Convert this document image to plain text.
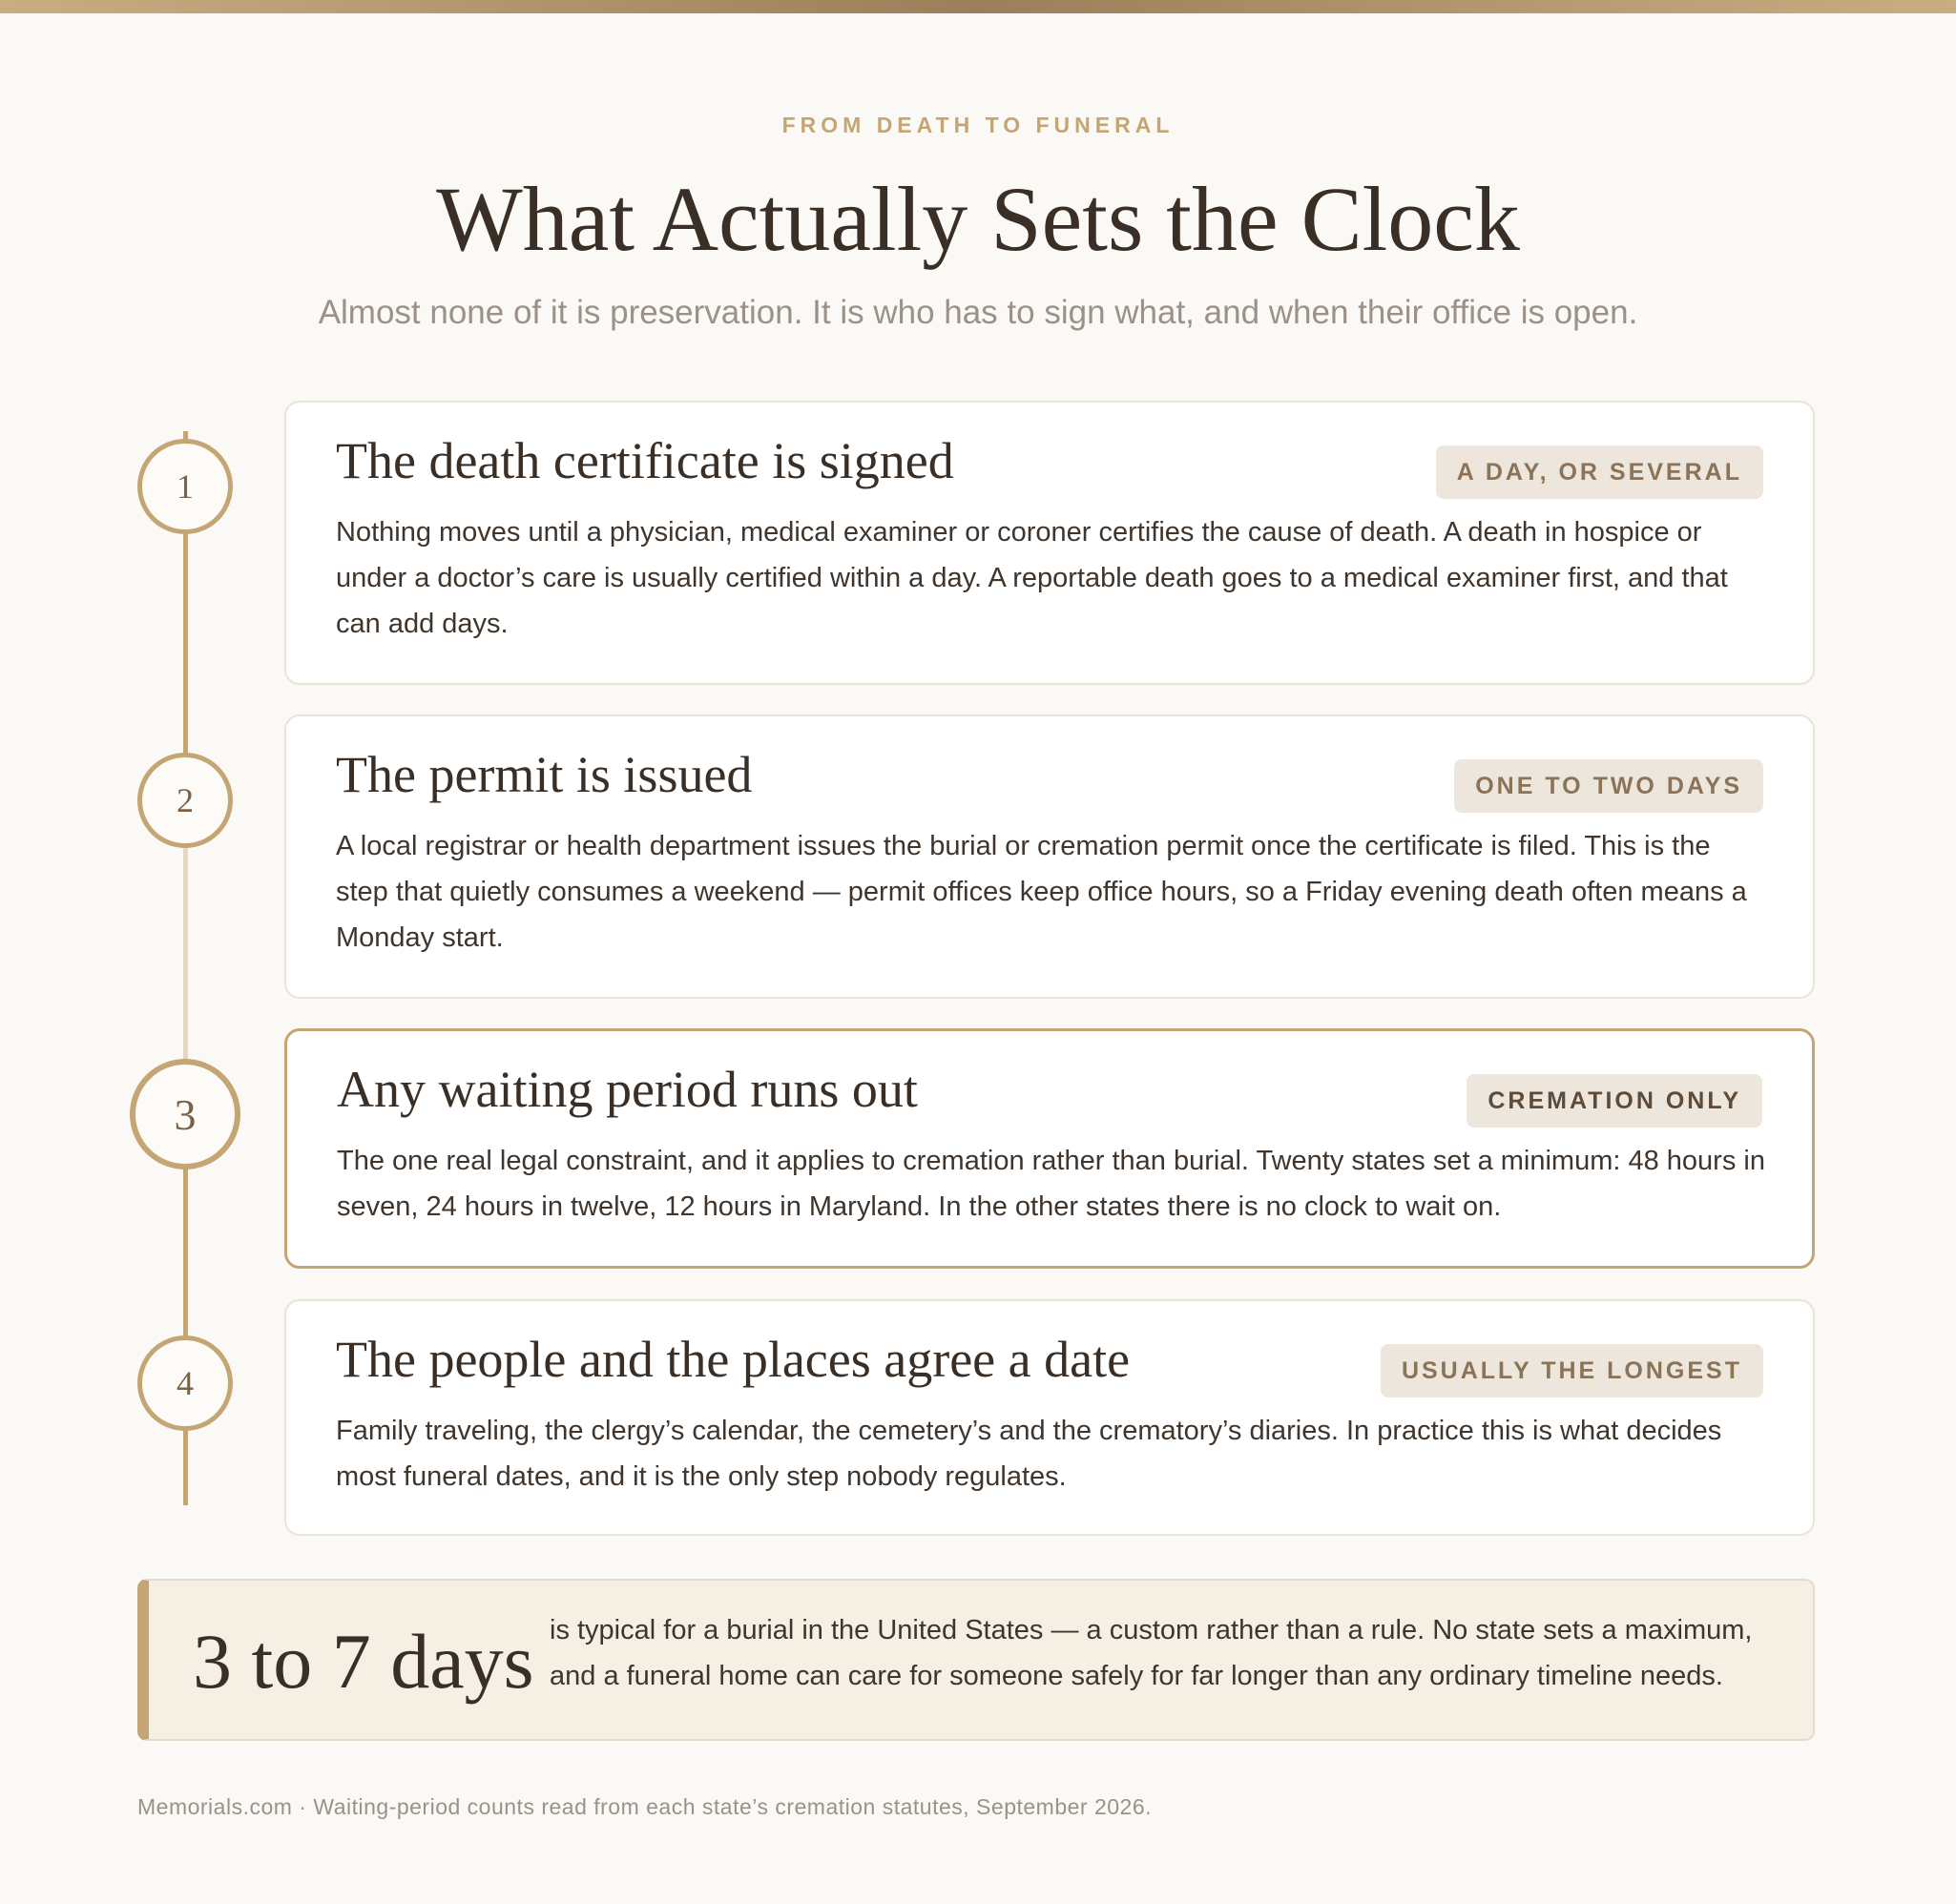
FROM DEATH TO FUNERAL
What Actually Sets the Clock
Almost none of it is preservation. It is who has to sign what, and when their office is open.
1
2
3
4
The death certificate is signed	A DAY, OR SEVERAL

Nothing moves until a physician, medical examiner or coroner certifies the cause of death. A death in hospice or under a doctor’s care is usually certified within a day. A reportable death goes to a medical examiner first, and that can add days.

The permit is issued	ONE TO TWO DAYS

A local registrar or health department issues the burial or cremation permit once the certificate is filed. This is the step that quietly consumes a weekend — permit offices keep office hours, so a Friday evening death often means a Monday start.

Any waiting period runs out	CREMATION ONLY

The one real legal constraint, and it applies to cremation rather than burial. Twenty states set a minimum: 48 hours in seven, 24 hours in twelve, 12 hours in Maryland. In the other states there is no clock to wait on.

The people and the places agree a date	USUALLY THE LONGEST

Family traveling, the clergy’s calendar, the cemetery’s and the crematory’s diaries. In practice this is what decides most funeral dates, and it is the only step nobody regulates.

3 to 7 days is typical for a burial in the United States — a custom rather than a rule. No state sets a maximum, and a funeral home can care for someone safely for far longer than any ordinary timeline needs.
Memorials.com · Waiting-period counts read from each state’s cremation statutes, September 2026.
